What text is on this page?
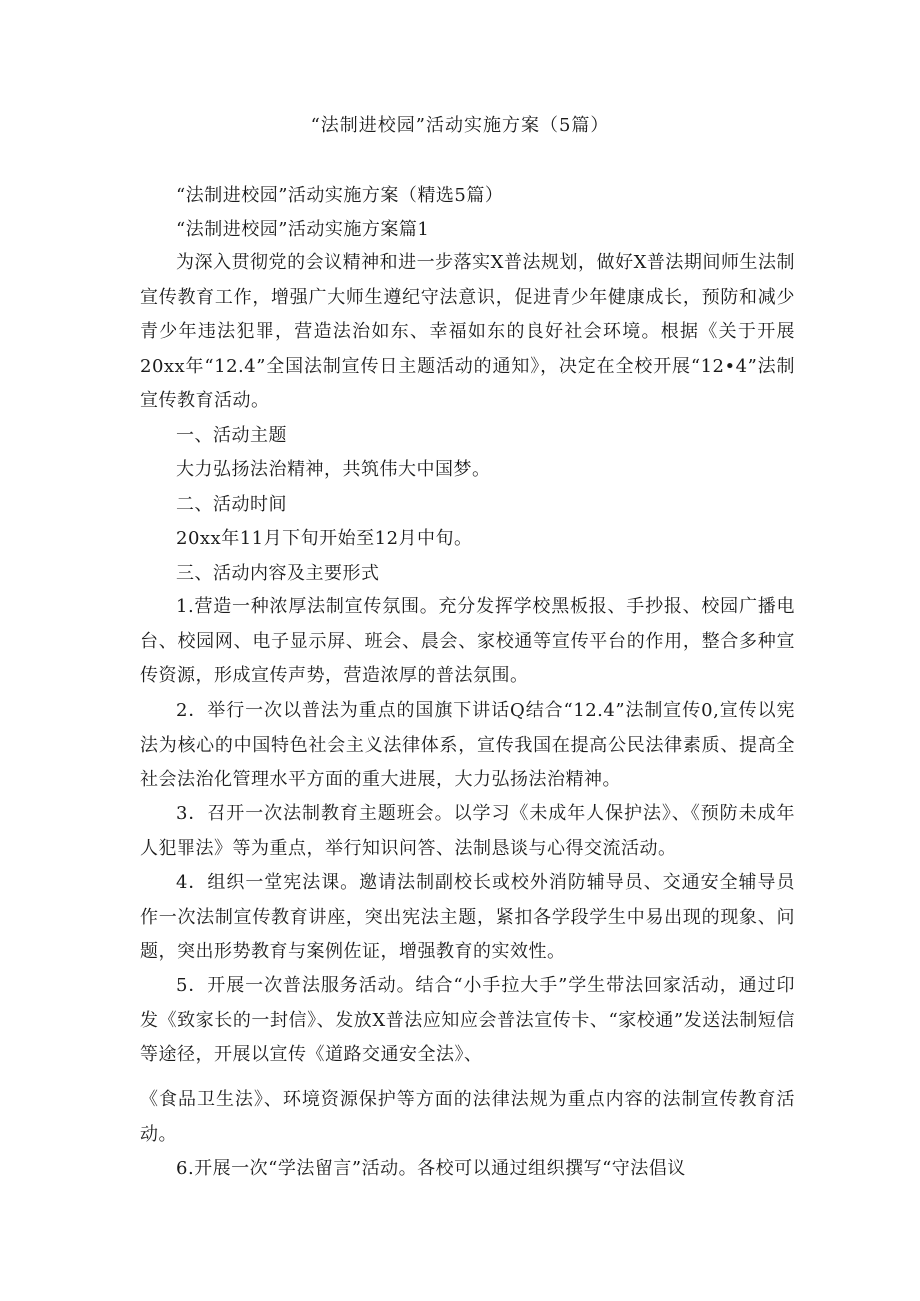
“法制进校园”活动实施方案（5篇）
“法制进校园”活动实施方案（精选5篇）
“法制进校园”活动实施方案篇1

为深入贯彻党的会议精神和进一步落实X普法规划，做好X普法期间师生法制宣传教育工作，增强广大师生遵纪守法意识，促进青少年健康成长，预防和减少青少年违法犯罪，营造法治如东、幸福如东的良好社会环境。根据《关于开展20xx年“12.4”全国法制宣传日主题活动的通知》，决定在全校开展“12•4”法制宣传教育活动。

一、活动主题
大力弘扬法治精神，共筑伟大中国梦。
二、活动时间
20xx年11月下旬开始至12月中旬。
三、活动内容及主要形式

1.营造一种浓厚法制宣传氛围。充分发挥学校黑板报、手抄报、校园广播电台、校园网、电子显示屏、班会、晨会、家校通等宣传平台的作用，整合多种宣传资源，形成宣传声势，营造浓厚的普法氛围。

2．举行一次以普法为重点的国旗下讲话Q结合“12.4”法制宣传0,宣传以宪法为核心的中国特色社会主义法律体系，宣传我国在提高公民法律素质、提高全社会法治化管理水平方面的重大进展，大力弘扬法治精神。

3．召开一次法制教育主题班会。以学习《未成年人保护法》、《预防未成年人犯罪法》等为重点，举行知识问答、法制恳谈与心得交流活动。

4．组织一堂宪法课。邀请法制副校长或校外消防辅导员、交通安全辅导员作一次法制宣传教育讲座，突出宪法主题，紧扣各学段学生中易出现的现象、问题，突出形势教育与案例佐证，增强教育的实效性。

5．开展一次普法服务活动。结合“小手拉大手”学生带法回家活动，通过印发《致家长的一封信》、发放X普法应知应会普法宣传卡、“家校通”发送法制短信等途径，开展以宣传《道路交通安全法》、

《食品卫生法》、环境资源保护等方面的法律法规为重点内容的法制宣传教育活动。

6.开展一次“学法留言”活动。各校可以通过组织撰写“守法倡议
